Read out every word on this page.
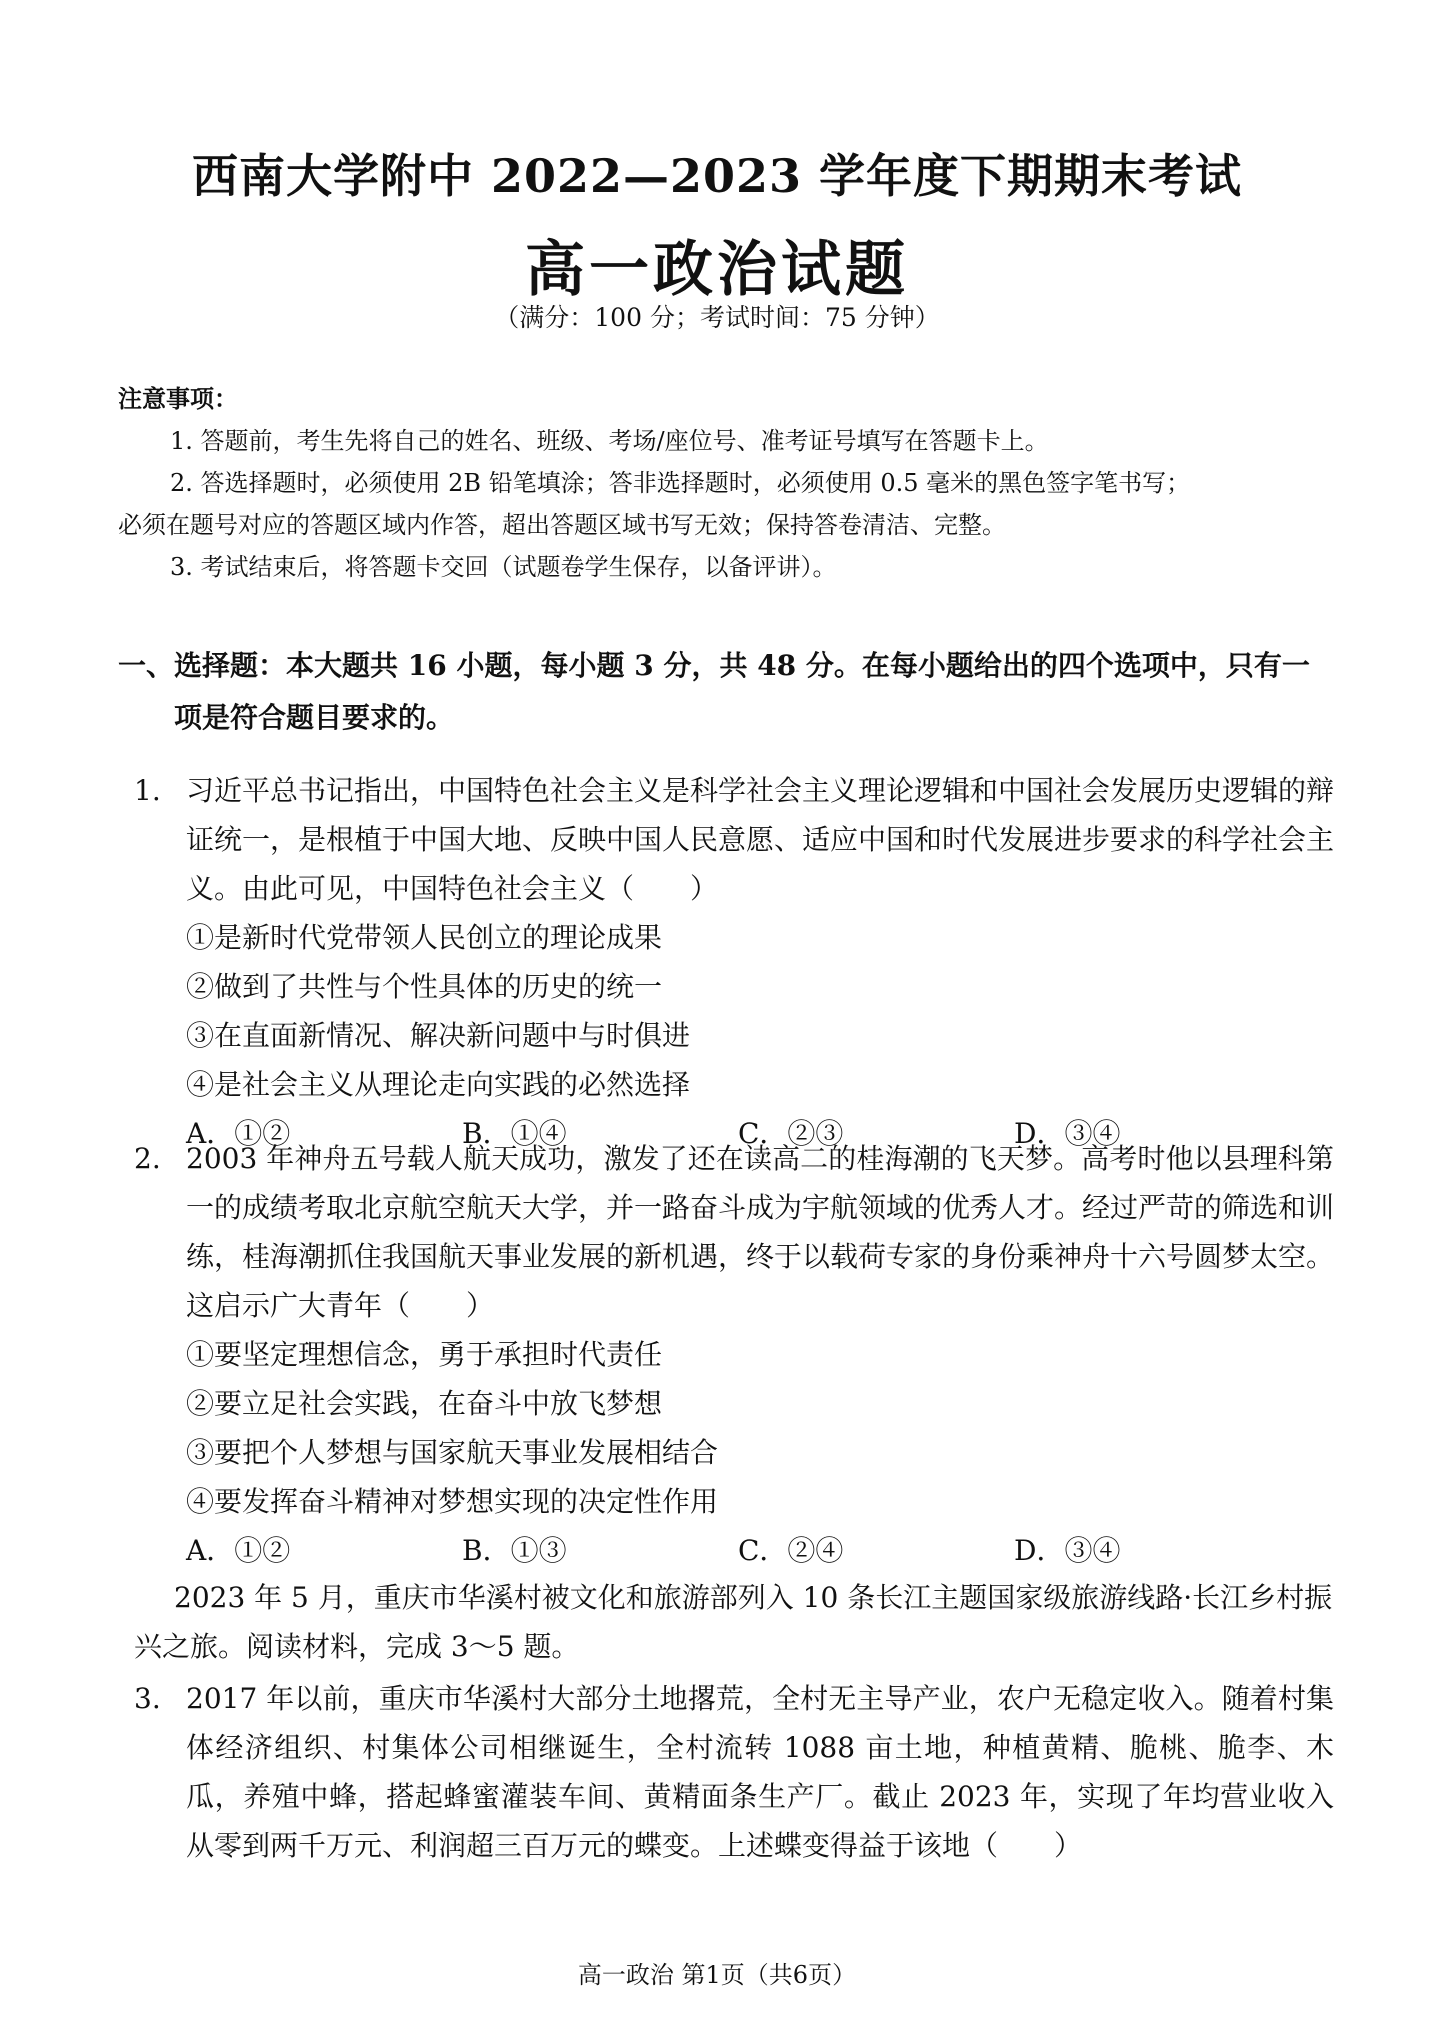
西南大学附中 2022—2023 学年度下期期末考试
高一政治试题
（满分：100 分；考试时间：75 分钟）
注意事项：
1. 答题前，考生先将自己的姓名、班级、考场/座位号、准考证号填写在答题卡上。
2. 答选择题时，必须使用 2B 铅笔填涂；答非选择题时，必须使用 0.5 毫米的黑色签字笔书写；
必须在题号对应的答题区域内作答，超出答题区域书写无效；保持答卷清洁、完整。
3. 考试结束后，将答题卡交回（试题卷学生保存，以备评讲）。
一、选择题：本大题共 16 小题，每小题 3 分，共 48 分。在每小题给出的四个选项中，只有一
项是符合题目要求的。
1. 习近平总书记指出，中国特色社会主义是科学社会主义理论逻辑和中国社会发展历史逻辑的辩证统一，是根植于中国大地、反映中国人民意愿、适应中国和时代发展进步要求的科学社会主义。由此可见，中国特色社会主义（　　）
①是新时代党带领人民创立的理论成果
②做到了共性与个性具体的历史的统一
③在直面新情况、解决新问题中与时俱进
④是社会主义从理论走向实践的必然选择
A．①②	B．①④	C．②③	D．③④
2. 2003 年神舟五号载人航天成功，激发了还在读高二的桂海潮的飞天梦。高考时他以县理科第一的成绩考取北京航空航天大学，并一路奋斗成为宇航领域的优秀人才。经过严苛的筛选和训练，桂海潮抓住我国航天事业发展的新机遇，终于以载荷专家的身份乘神舟十六号圆梦太空。这启示广大青年（　　）
①要坚定理想信念，勇于承担时代责任
②要立足社会实践，在奋斗中放飞梦想
③要把个人梦想与国家航天事业发展相结合
④要发挥奋斗精神对梦想实现的决定性作用
A．①②	B．①③	C．②④	D．③④
2023 年 5 月，重庆市华溪村被文化和旅游部列入 10 条长江主题国家级旅游线路·长江乡村振兴之旅。阅读材料，完成 3～5 题。
3. 2017 年以前，重庆市华溪村大部分土地撂荒，全村无主导产业，农户无稳定收入。随着村集体经济组织、村集体公司相继诞生，全村流转 1088 亩土地，种植黄精、脆桃、脆李、木瓜，养殖中蜂，搭起蜂蜜灌装车间、黄精面条生产厂。截止 2023 年，实现了年均营业收入从零到两千万元、利润超三百万元的蝶变。上述蝶变得益于该地（　　）
高一政治 第1页（共6页）
